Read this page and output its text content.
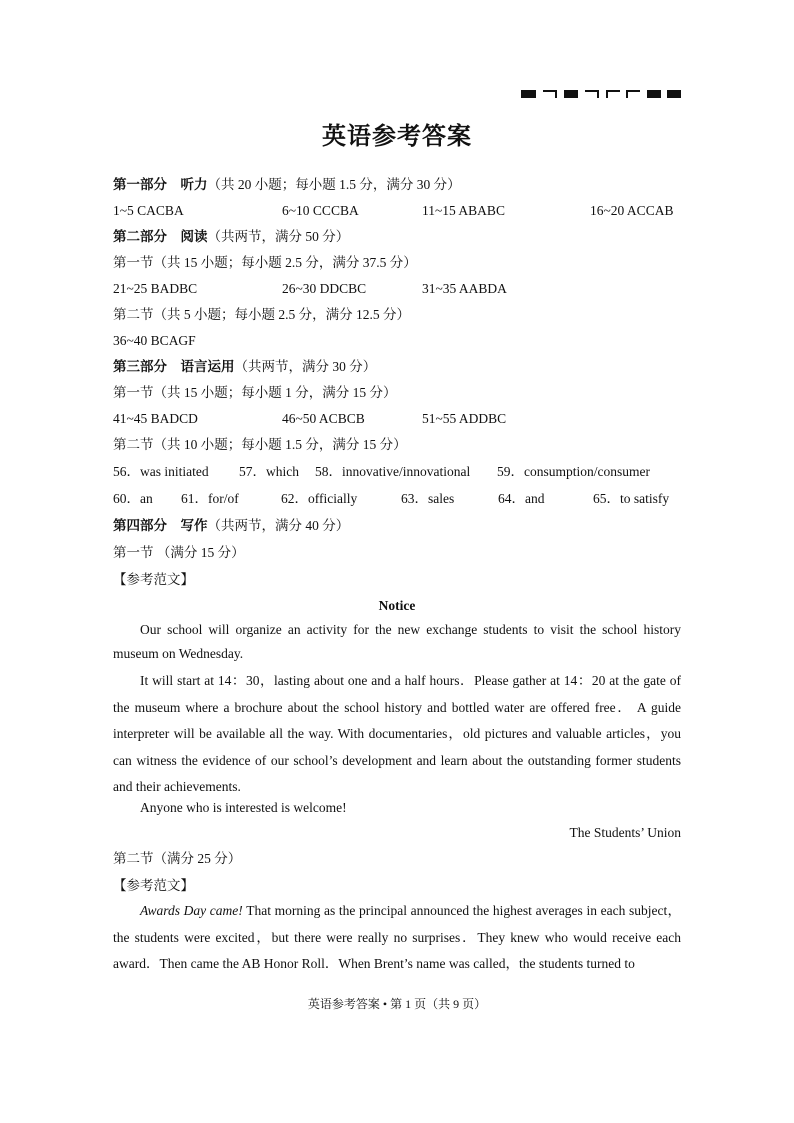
英语参考答案
第一部分　听力（共 20 小题；每小题 1.5 分，满分 30 分）
1~5 CACBA	6~10 CCCBA	11~15 ABABC	16~20 ACCAB
第二部分　阅读（共两节，满分 50 分）
第一节（共 15 小题；每小题 2.5 分，满分 37.5 分）
21~25 BADBC	26~30 DDCBC	31~35 AABDA
第二节（共 5 小题；每小题 2.5 分，满分 12.5 分）
36~40 BCAGF
第三部分　语言运用（共两节，满分 30 分）
第一节（共 15 小题；每小题 1 分，满分 15 分）
41~45 BADCD	46~50 ACBCB	51~55 ADDBC
第二节（共 10 小题；每小题 1.5 分，满分 15 分）
56．was initiated 57．which 58．innovative/innovational 59．consumption/consumer
60．an 61．for/of	62．officially	63．sales	64．and	65．to satisfy
第四部分　写作（共两节，满分 40 分）
第一节 （满分 15 分）
【参考范文】
Notice
Our school will organize an activity for the new exchange students to visit the school history museum on Wednesday.
It will start at 14：30，lasting about one and a half hours．Please gather at 14：20 at the gate of the museum where a brochure about the school history and bottled water are offered free． A guide interpreter will be available all the way. With documentaries，old pictures and valuable articles，you can witness the evidence of our school’s development and learn about the outstanding former students and their achievements.
Anyone who is interested is welcome!
The Students’ Union
第二节（满分 25 分）
【参考范文】
Awards Day came! That morning as the principal announced the highest averages in each subject，the students were excited，but there were really no surprises．They knew who would receive each award．Then came the AB Honor Roll．When Brent’s name was called，the students turned to
英语参考答案 • 第 1 页（共 9 页）
